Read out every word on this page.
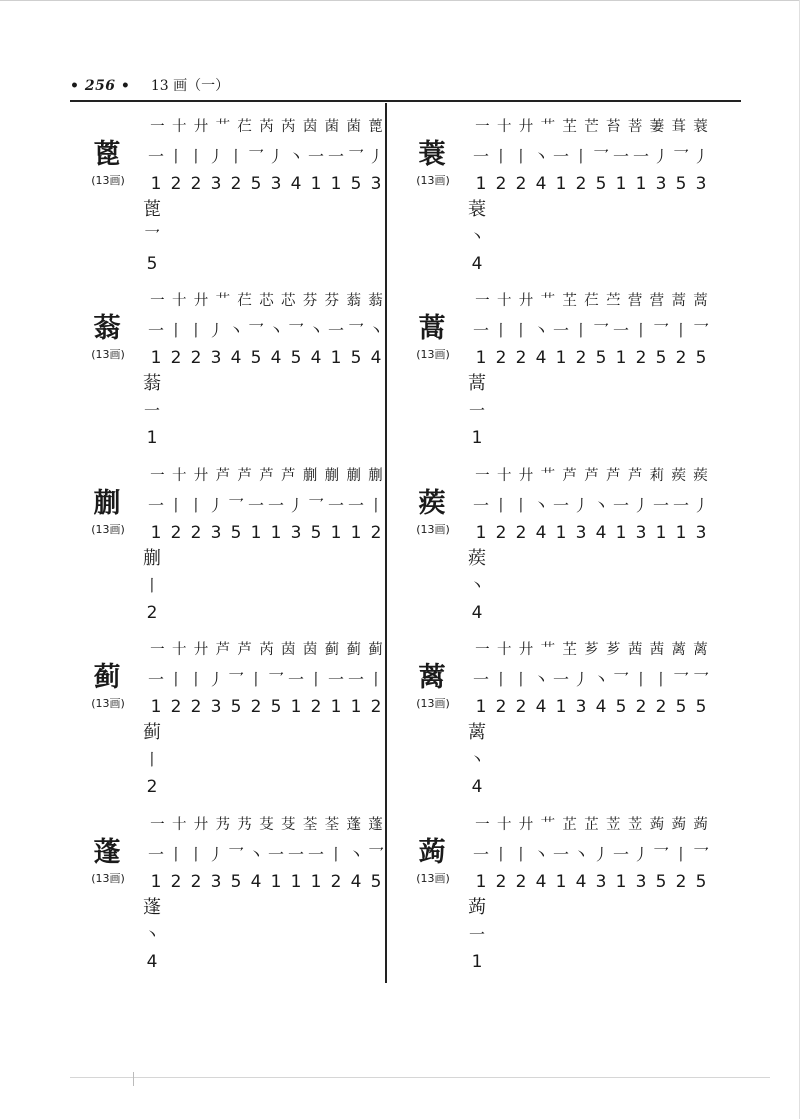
• 256 • 13 画（一）
蓖
(13画)
一 十 廾 艹 芢 芮 芮 茵 菌 菌 蓖
一 丨 丨 丿 丨 乛 丿 丶 一 一 乛 丿
1 2 2 3 2 5 3 4 1 1 5 3
蓖
乛
5
蓑
(13画)
一 十 廾 艹 芏 芒 苔 菩 萋 葺 蓑
一 丨 丨 丶 一 丨 乛 一 一 丿 乛 丿
1 2 2 4 1 2 5 1 1 3 5 3
蓑
丶
4
蓊
(13画)
一 十 廾 艹 芢 芯 芯 芬 芬 蓊 蓊
一 丨 丨 丿 丶 乛 丶 乛 丶 一 乛 丶
1 2 2 3 4 5 4 5 4 1 5 4
蓊
一
1
蒿
(13画)
一 十 廾 艹 芏 芢 苎 营 营 蒿 蒿
一 丨 丨 丶 一 丨 乛 一 丨 乛 丨 乛
1 2 2 4 1 2 5 1 2 5 2 5
蒿
一
1
蒯
(13画)
一 十 廾 芦 芦 芦 芦 蒯 蒯 蒯 蒯
一 丨 丨 丿 乛 一 一 丿 乛 一 一 丨
1 2 2 3 5 1 1 3 5 1 1 2
蒯
丨
2
蒺
(13画)
一 十 廾 艹 芦 芦 芦 芦 莉 蒺 蒺
一 丨 丨 丶 一 丿 丶 一 丿 一 一 丿
1 2 2 4 1 3 4 1 3 1 1 3
蒺
丶
4
蓟
(13画)
一 十 廾 芦 芦 芮 茵 茵 蓟 蓟 蓟
一 丨 丨 丿 乛 丨 乛 一 丨 一 一 丨
1 2 2 3 5 2 5 1 2 1 1 2
蓟
丨
2
蓠
(13画)
一 十 廾 艹 芏 芗 芗 茜 茜 蓠 蓠
一 丨 丨 丶 一 丿 丶 乛 丨 丨 乛 乛
1 2 2 4 1 3 4 5 2 2 5 5
蓠
丶
4
蓬
(13画)
一 十 廾 艿 艿 芟 芟 荃 荃 蓬 蓬
一 丨 丨 丿 乛 丶 一 一 一 丨 丶 乛
1 2 2 3 5 4 1 1 1 2 4 5
蓬
丶
4
蒟
(13画)
一 十 廾 艹 芷 芷 苙 苙 蒟 蒟 蒟
一 丨 丨 丶 一 丶 丿 一 丿 乛 丨 乛
1 2 2 4 1 4 3 1 3 5 2 5
蒟
一
1
